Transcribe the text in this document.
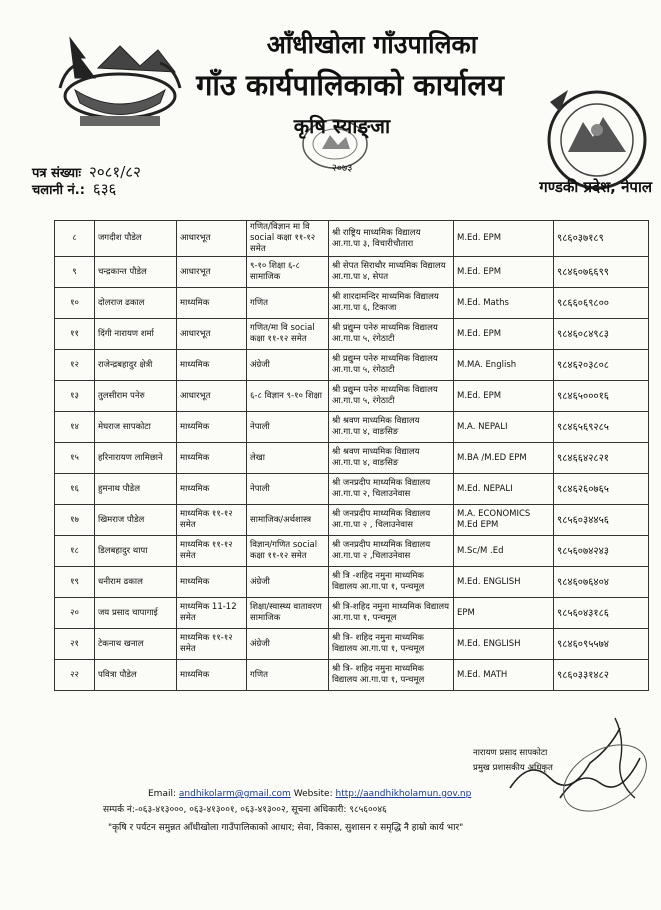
आँधीखोला गाँउपालिका
गाँउ कार्यपालिकाको कार्यालय
कृषि स्याङ्जा
२०७३
गण्डकी प्रदेश, नेपाल
पत्र संख्याः २०८१/८२
चलानी नं.: ६३६
८	जगदीश पौडेल	आधारभूत	गणित/विज्ञान मा वि social कक्षा ११-१२ समेत	श्री राष्ट्रिय माध्यमिक विद्यालय आ.गा.पा ३, विचारीचौतारा	M.Ed. EPM	९८६०३७१८९
९	चन्द्रकान्त पौडेल	आधारभूत	९-१० शिक्षा ६-८ सामाजिक	श्री सेपत सिराथौर माध्यमिक विद्यालय आ.गा.पा ४, सेपत	M.Ed. EPM	९८४६०७६६९९
१०	दोलराज ढकाल	माध्यमिक	गणित	श्री शारदामन्दिर माध्यमिक विद्यालय आ.गा.पा ६, टिकाजा	M.Ed. Maths	९८६६०६९८००
११	दिंगी नारायण शर्मा	आधारभूत	गणित/मा वि social कक्षा ११-१२ समेत	श्री प्रद्युम्न पनेरु माध्यमिक विद्यालय आ.गा.पा ५, रंगेठाटी	M.Ed. EPM	९८४६०८४९८३
१२	राजेन्द्रबहादुर क्षेत्री	माध्यमिक	अंग्रेजी	श्री प्रद्युम्न पनेरु माध्यमिक विद्यालय आ.गा.पा ५, रंगेठाटी	M.MA. English	९८४६२०३८०८
१३	तुलसीराम पनेरु	आधारभूत	६-८ विज्ञान ९-१० शिक्षा	श्री प्रद्युम्न पनेरु माध्यमिक विद्यालय आ.गा.पा ५, रंगेठाटी	M.Ed. EPM	९८४६५०००१६
१४	मेघराज सापकोटा	माध्यमिक	नेपाली	श्री श्रवण माध्यमिक विद्यालय आ.गा.पा ४, वाङसिङ	M.A. NEPALI	९८४६५६९२८५
१५	हरिनारायण लामिछाने	माध्यमिक	लेखा	श्री श्रवण माध्यमिक विद्यालय आ.गा.पा ४, वाङसिङ	M.BA /M.ED EPM	९८४६६४२८२१
१६	हुमनाथ पौडेल	माध्यमिक	नेपाली	श्री जनप्रदीप माध्यमिक विद्यालय आ.गा.पा २, चिलाउनेवास	M.Ed. NEPALI	९८४६२६०७६५
१७	खिमराज पौडेल	माध्यमिक ११-१२ समेत	सामाजिक/अर्थशास्त्र	श्री जनप्रदीप माध्यमिक विद्यालय आ.गा.पा २ , चिलाउनेवास	M.A. ECONOMICS M.Ed EPM	९८५६०३४४५६
१८	डिलबहादुर थापा	माध्यमिक ११-१२ समेत	विज्ञान/गणित social कक्षा ११-१२ समेत	श्री जनप्रदीप माध्यमिक विद्यालय आ.गा.पा २ ,चिलाउनेवास	M.Sc/M .Ed	९८५६०७४२४३
१९	धनीराम ढकाल	माध्यमिक	अंग्रेजी	श्री त्रि -शहिद नमुना माध्यमिक विद्यालय आ.गा.पा १, पन्चमूल	M.Ed. ENGLISH	९८४६०७६४०४
२०	जय प्रसाद चापागाई	माध्यमिक 11-12 समेत	शिक्षा/स्वास्थ्य वातावरण सामाजिक	श्री त्रि-शहिद नमुना माध्यमिक विद्यालय आ.गा.पा १, पन्चमूल	EPM	९८५६०४३१८६
२१	टेकनाथ खनाल	माध्यमिक ११-१२ समेत	अंग्रेजी	श्री त्रि- शहिद नमुना माध्यमिक विद्यालय आ.गा.पा १, पन्चमूल	M.Ed. ENGLISH	९८४६०९५५७४
२२	पवित्रा पौडेल	माध्यमिक	गणित	श्री त्रि- शहिद नमुना माध्यमिक विद्यालय आ.गा.पा १, पन्चमूल	M.Ed. MATH	९८६०३३१४८२
नारायण प्रसाद सापकोटा
प्रमुख प्रशासकीय अधिकृत
Email: andhikolarm@gmail.com Website: http://aandhikholamun.gov.np
सम्पर्क नं:-०६३-४१३०००, ०६३-४१३००१, ०६३-४१३००२, सूचना अधिकारी: ९८५६००४६
"कृषि र पर्यटन समुन्नत आँधीखोला गाउँपालिकाको आधार; सेवा, विकास, सुशासन र समृद्धि नै हाम्रो कार्य भार"
